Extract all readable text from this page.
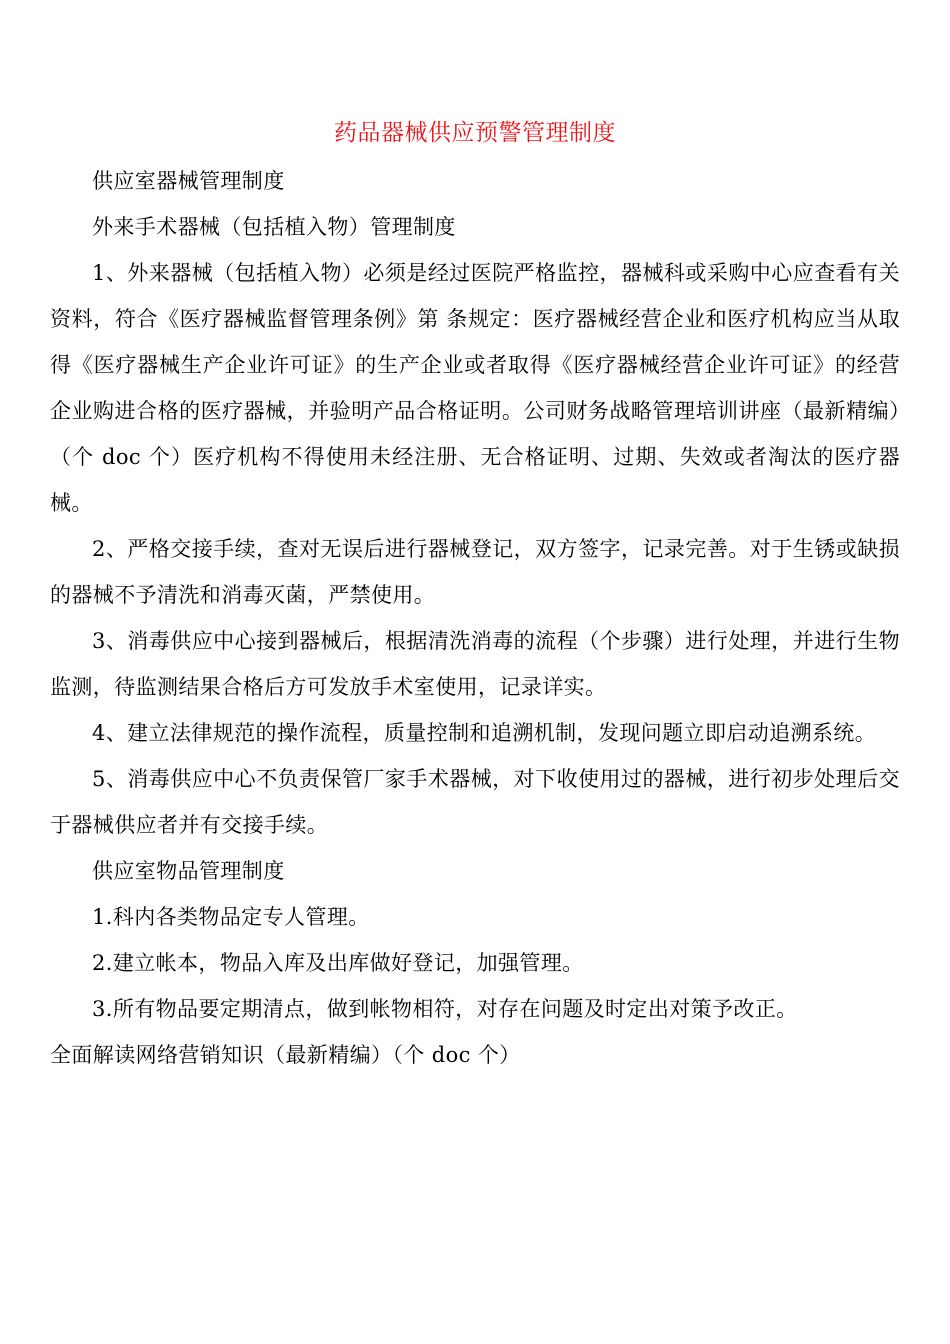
药品器械供应预警管理制度

供应室器械管理制度

外来手术器械（包括植入物）管理制度

1、外来器械（包括植入物）必须是经过医院严格监控，器械科或采购中心应查看有关资料，符合《医疗器械监督管理条例》第 条规定：医疗器械经营企业和医疗机构应当从取得《医疗器械生产企业许可证》的生产企业或者取得《医疗器械经营企业许可证》的经营企业购进合格的医疗器械，并验明产品合格证明。公司财务战略管理培训讲座（最新精编）（个 doc 个）医疗机构不得使用未经注册、无合格证明、过期、失效或者淘汰的医疗器械。

2、严格交接手续，查对无误后进行器械登记，双方签字，记录完善。对于生锈或缺损的器械不予清洗和消毒灭菌，严禁使用。

3、消毒供应中心接到器械后，根据清洗消毒的流程（个步骤）进行处理，并进行生物监测，待监测结果合格后方可发放手术室使用，记录详实。

4、建立法律规范的操作流程，质量控制和追溯机制，发现问题立即启动追溯系统。

5、消毒供应中心不负责保管厂家手术器械，对下收使用过的器械，进行初步处理后交于器械供应者并有交接手续。

供应室物品管理制度

1.科内各类物品定专人管理。

2.建立帐本，物品入库及出库做好登记，加强管理。

3.所有物品要定期清点，做到帐物相符，对存在问题及时定出对策予改正。

全面解读网络营销知识（最新精编）（个 doc 个）
